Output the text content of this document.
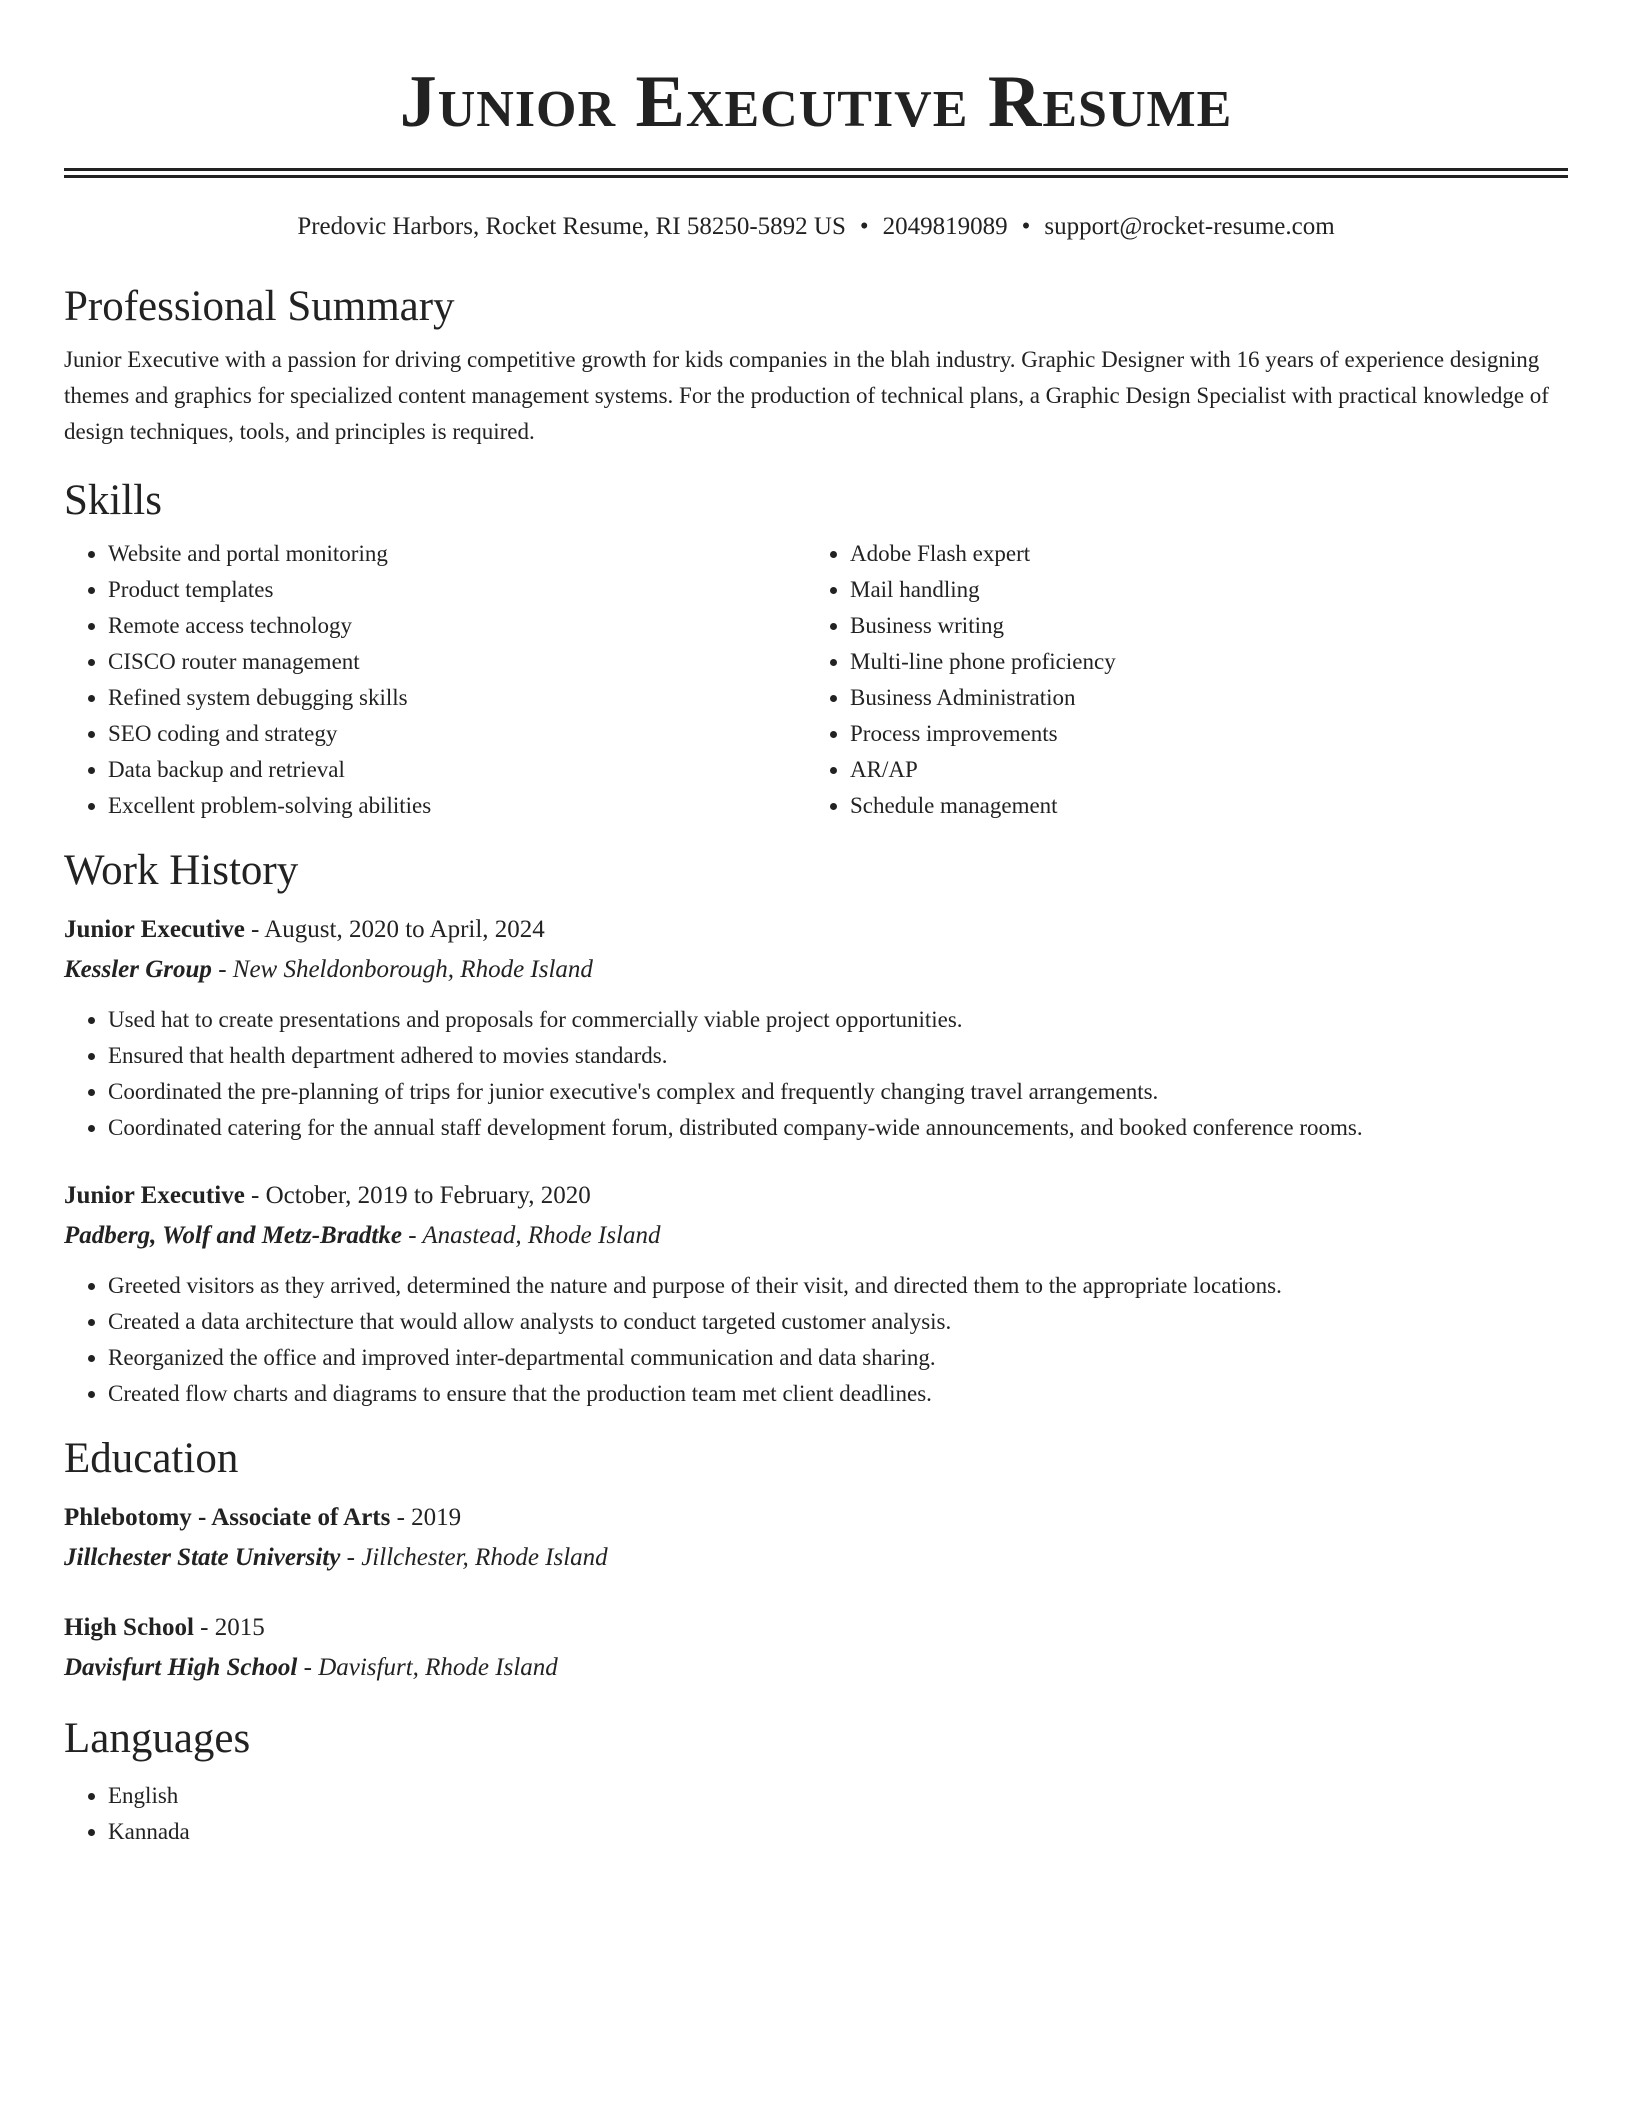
Junior Executive Resume
Predovic Harbors, Rocket Resume, RI 58250-5892 US • 2049819089 • support@rocket-resume.com
Professional Summary

Junior Executive with a passion for driving competitive growth for kids companies in the blah industry. Graphic Designer with 16 years of experience designing themes and graphics for specialized content management systems. For the production of technical plans, a Graphic Design Specialist with practical knowledge of design techniques, tools, and principles is required.

Skills
• Website and portal monitoring
• Product templates
• Remote access technology
• CISCO router management
• Refined system debugging skills
• SEO coding and strategy
• Data backup and retrieval
• Excellent problem-solving abilities
• Adobe Flash expert
• Mail handling
• Business writing
• Multi-line phone proficiency
• Business Administration
• Process improvements
• AR/AP
• Schedule management
Work History
Junior Executive - August, 2020 to April, 2024
Kessler Group - New Sheldonborough, Rhode Island
• Used hat to create presentations and proposals for commercially viable project opportunities.
• Ensured that health department adhered to movies standards.
• Coordinated the pre-planning of trips for junior executive's complex and frequently changing travel arrangements.
• Coordinated catering for the annual staff development forum, distributed company-wide announcements, and booked conference rooms.
Junior Executive - October, 2019 to February, 2020
Padberg, Wolf and Metz-Bradtke - Anastead, Rhode Island
• Greeted visitors as they arrived, determined the nature and purpose of their visit, and directed them to the appropriate locations.
• Created a data architecture that would allow analysts to conduct targeted customer analysis.
• Reorganized the office and improved inter-departmental communication and data sharing.
• Created flow charts and diagrams to ensure that the production team met client deadlines.
Education
Phlebotomy - Associate of Arts - 2019
Jillchester State University - Jillchester, Rhode Island
High School - 2015
Davisfurt High School - Davisfurt, Rhode Island
Languages
• English
• Kannada
